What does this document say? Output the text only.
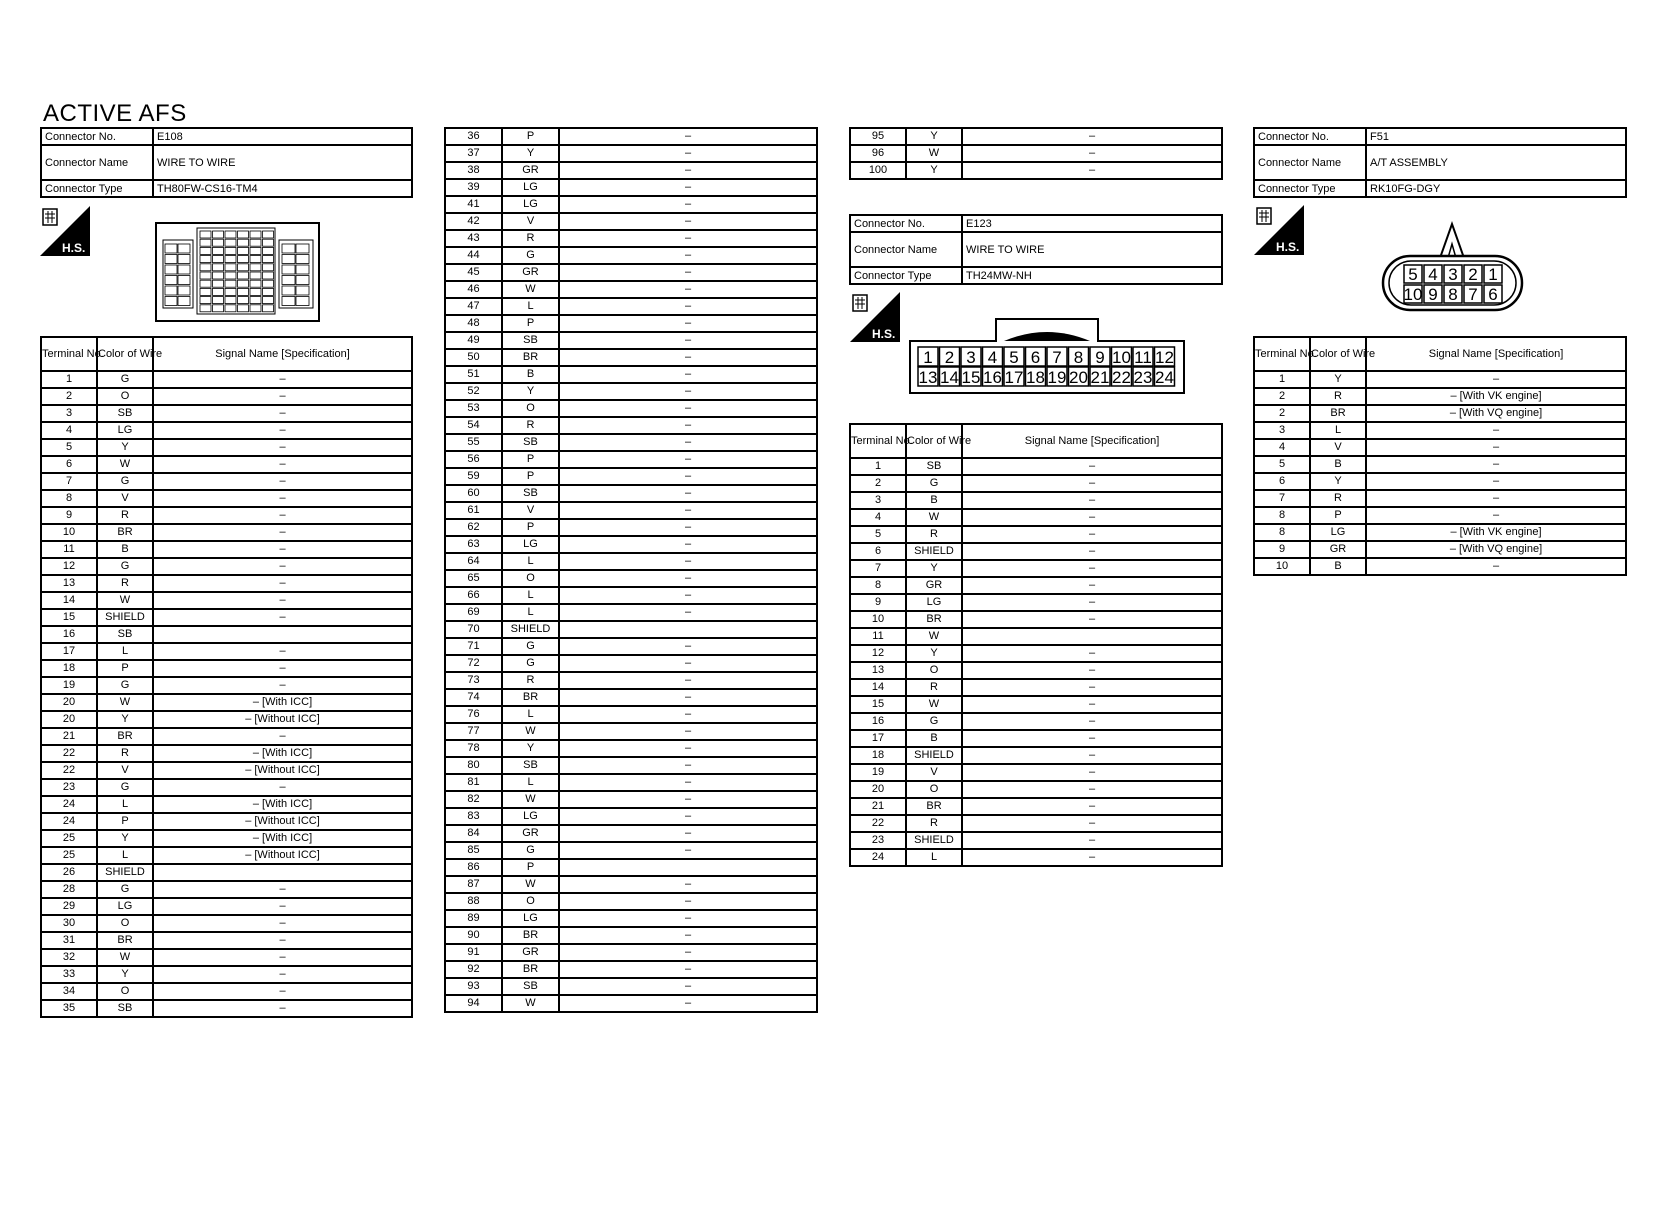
ACTIVE AFS
Connector No.	E108
Connector Name	WIRE TO WIRE
Connector Type	TH80FW-CS16-TM4
H.S.
Terminal No.	Color of Wire	Signal Name [Specification]
1	G	–
2	O	–
3	SB	–
4	LG	–
5	Y	–
6	W	–
7	G	–
8	V	–
9	R	–
10	BR	–
11	B	–
12	G	–
13	R	–
14	W	–
15	SHIELD	–
16	SB	
17	L	–
18	P	–
19	G	–
20	W	– [With ICC]
20	Y	– [Without ICC]
21	BR	–
22	R	– [With ICC]
22	V	– [Without ICC]
23	G	–
24	L	– [With ICC]
24	P	– [Without ICC]
25	Y	– [With ICC]
25	L	– [Without ICC]
26	SHIELD	
28	G	–
29	LG	–
30	O	–
31	BR	–
32	W	–
33	Y	–
34	O	–
35	SB	–
36	P	–
37	Y	–
38	GR	–
39	LG	–
41	LG	–
42	V	–
43	R	–
44	G	–
45	GR	–
46	W	–
47	L	–
48	P	–
49	SB	–
50	BR	–
51	B	–
52	Y	–
53	O	–
54	R	–
55	SB	–
56	P	–
59	P	–
60	SB	–
61	V	–
62	P	–
63	LG	–
64	L	–
65	O	–
66	L	–
69	L	–
70	SHIELD	
71	G	–
72	G	–
73	R	–
74	BR	–
76	L	–
77	W	–
78	Y	–
80	SB	–
81	L	–
82	W	–
83	LG	–
84	GR	–
85	G	–
86	P	
87	W	–
88	O	–
89	LG	–
90	BR	–
91	GR	–
92	BR	–
93	SB	–
94	W	–
95	Y	–
96	W	–
100	Y	–
Connector No.	E123
Connector Name	WIRE TO WIRE
Connector Type	TH24MW-NH
H.S.
1 2 3 4 5 6 7 8 9 10 11 12
13 14 15 16 17 18 19 20 21 22 23 24
Terminal No.	Color of Wire	Signal Name [Specification]
1	SB	–
2	G	–
3	B	–
4	W	–
5	R	–
6	SHIELD	–
7	Y	–
8	GR	–
9	LG	–
10	BR	–
11	W	
12	Y	–
13	O	–
14	R	–
15	W	–
16	G	–
17	B	–
18	SHIELD	–
19	V	–
20	O	–
21	BR	–
22	R	–
23	SHIELD	–
24	L	–
Connector No.	F51
Connector Name	A/T ASSEMBLY
Connector Type	RK10FG-DGY
H.S.
5 4 3 2 1
10 9 8 7 6
Terminal No.	Color of Wire	Signal Name [Specification]
1	Y	–
2	R	– [With VK engine]
2	BR	– [With VQ engine]
3	L	–
4	V	–
5	B	–
6	Y	–
7	R	–
8	P	–
8	LG	– [With VK engine]
9	GR	– [With VQ engine]
10	B	–
